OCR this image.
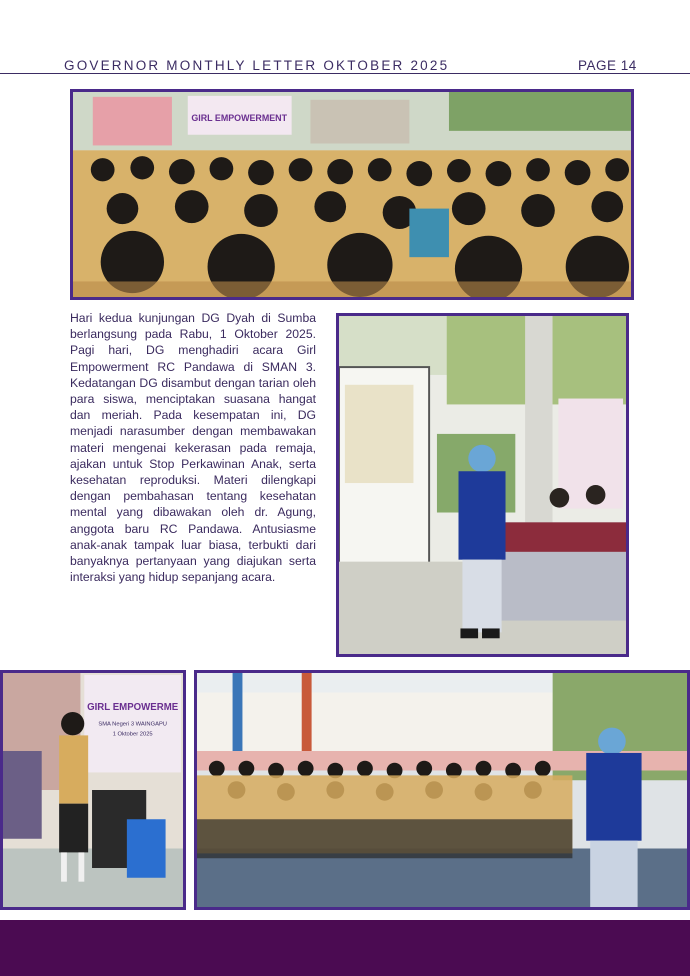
GOVERNOR MONTHLY LETTER OKTOBER 2025	PAGE 14
GIRL EMPOWERMENT
Hari kedua kunjungan DG Dyah di Sumba berlangsung pada Rabu, 1 Oktober 2025. Pagi hari, DG menghadiri acara Girl Empowerment RC Pandawa di SMAN 3. Kedatangan DG disambut dengan tarian oleh para siswa, menciptakan suasana hangat dan meriah. Pada kesempatan ini, DG menjadi narasumber dengan membawakan materi mengenai kekerasan pada remaja, ajakan untuk Stop Perkawinan Anak, serta kesehatan reproduksi. Materi dilengkapi dengan pembahasan tentang kesehatan mental yang dibawakan oleh dr. Agung, anggota baru RC Pandawa. Antusiasme anak-anak tampak luar biasa, terbukti dari banyaknya pertanyaan yang diajukan serta interaksi yang hidup sepanjang acara.
GIRL EMPOWERME
SMA Negeri 3 WAINGAPU
1 Oktober 2025
